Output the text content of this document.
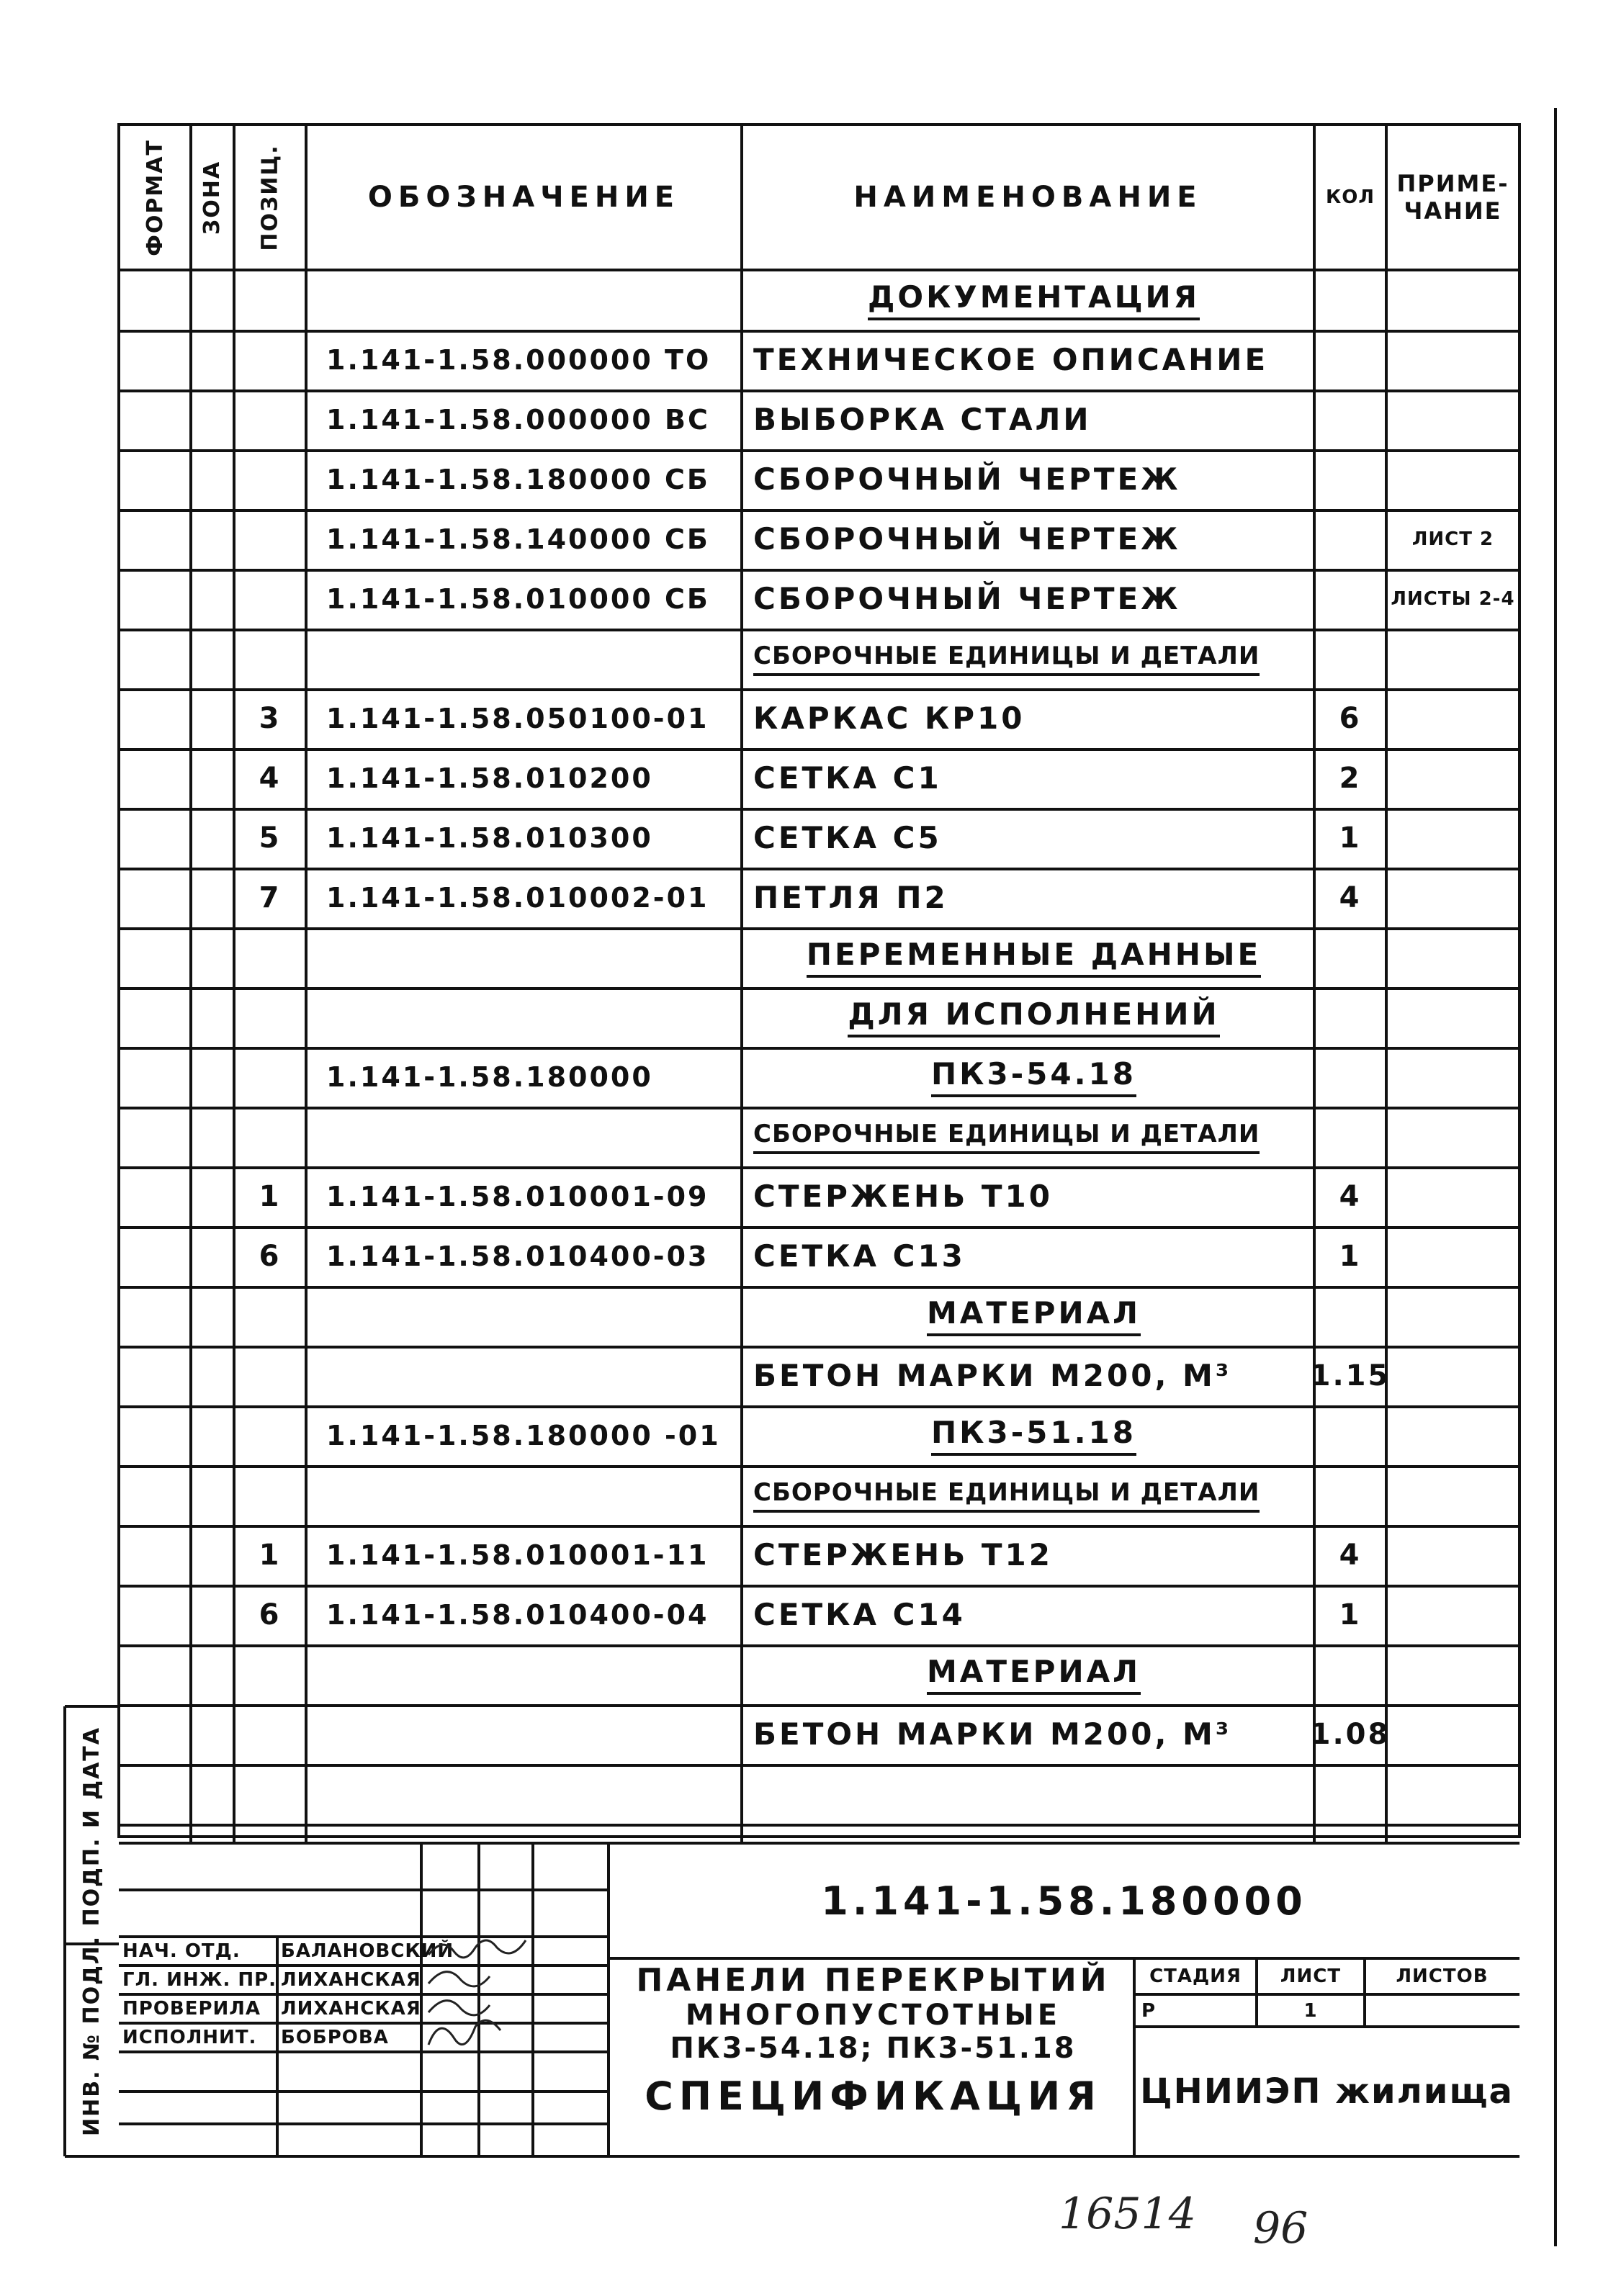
ФОРМАТ ЗОНА ПОЗИЦ.	ОБОЗНАЧЕНИЕ	НАИМЕНОВАНИЕ	КОЛ ПРИМЕ-
ЧАНИЕ
ДОКУМЕНТАЦИЯ
1.141-1.58.000000 ТО	ТЕХНИЧЕСКОЕ ОПИСАНИЕ
1.141-1.58.000000 ВС	ВЫБОРКА СТАЛИ
1.141-1.58.180000 СБ	СБОРОЧНЫЙ ЧЕРТЕЖ
1.141-1.58.140000 СБ	СБОРОЧНЫЙ ЧЕРТЕЖ	ЛИСТ 2
1.141-1.58.010000 СБ	СБОРОЧНЫЙ ЧЕРТЕЖ	ЛИСТЫ 2-4
СБОРОЧНЫЕ ЕДИНИЦЫ И ДЕТАЛИ
3	1.141-1.58.050100-01	КАРКАС КР10	6
4	1.141-1.58.010200	СЕТКА С1	2
5	1.141-1.58.010300	СЕТКА С5	1
7	1.141-1.58.010002-01	ПЕТЛЯ П2	4
ПЕРЕМЕННЫЕ ДАННЫЕ
ДЛЯ ИСПОЛНЕНИЙ
1.141-1.58.180000	ПК3-54.18
СБОРОЧНЫЕ ЕДИНИЦЫ И ДЕТАЛИ
1	1.141-1.58.010001-09	СТЕРЖЕНЬ Т10	4
6	1.141-1.58.010400-03	СЕТКА С13	1
МАТЕРИАЛ
БЕТОН МАРКИ М200, М³	1.15
1.141-1.58.180000 -01	ПК3-51.18
СБОРОЧНЫЕ ЕДИНИЦЫ И ДЕТАЛИ
1	1.141-1.58.010001-11	СТЕРЖЕНЬ Т12	4
6	1.141-1.58.010400-04	СЕТКА С14	1
МАТЕРИАЛ
БЕТОН МАРКИ М200, М³	1.08
1.141-1.58.180000
ПАНЕЛИ ПЕРЕКРЫТИЙ
МНОГОПУСТОТНЫЕ
ПК3-54.18; ПК3-51.18
СПЕЦИФИКАЦИЯ
СТАДИЯ	ЛИСТ	ЛИСТОВ
Р	1
ЦНИИЭП жилища
НАЧ. ОТД.	БАЛАНОВСКИЙ
ГЛ. ИНЖ. ПР. ЛИХАНСКАЯ
ПРОВЕРИЛА	ЛИХАНСКАЯ
ИСПОЛНИТ.	БОБРОВА
ИНВ. № ПОДЛ. ПОДП. И ДАТА
16514 96
